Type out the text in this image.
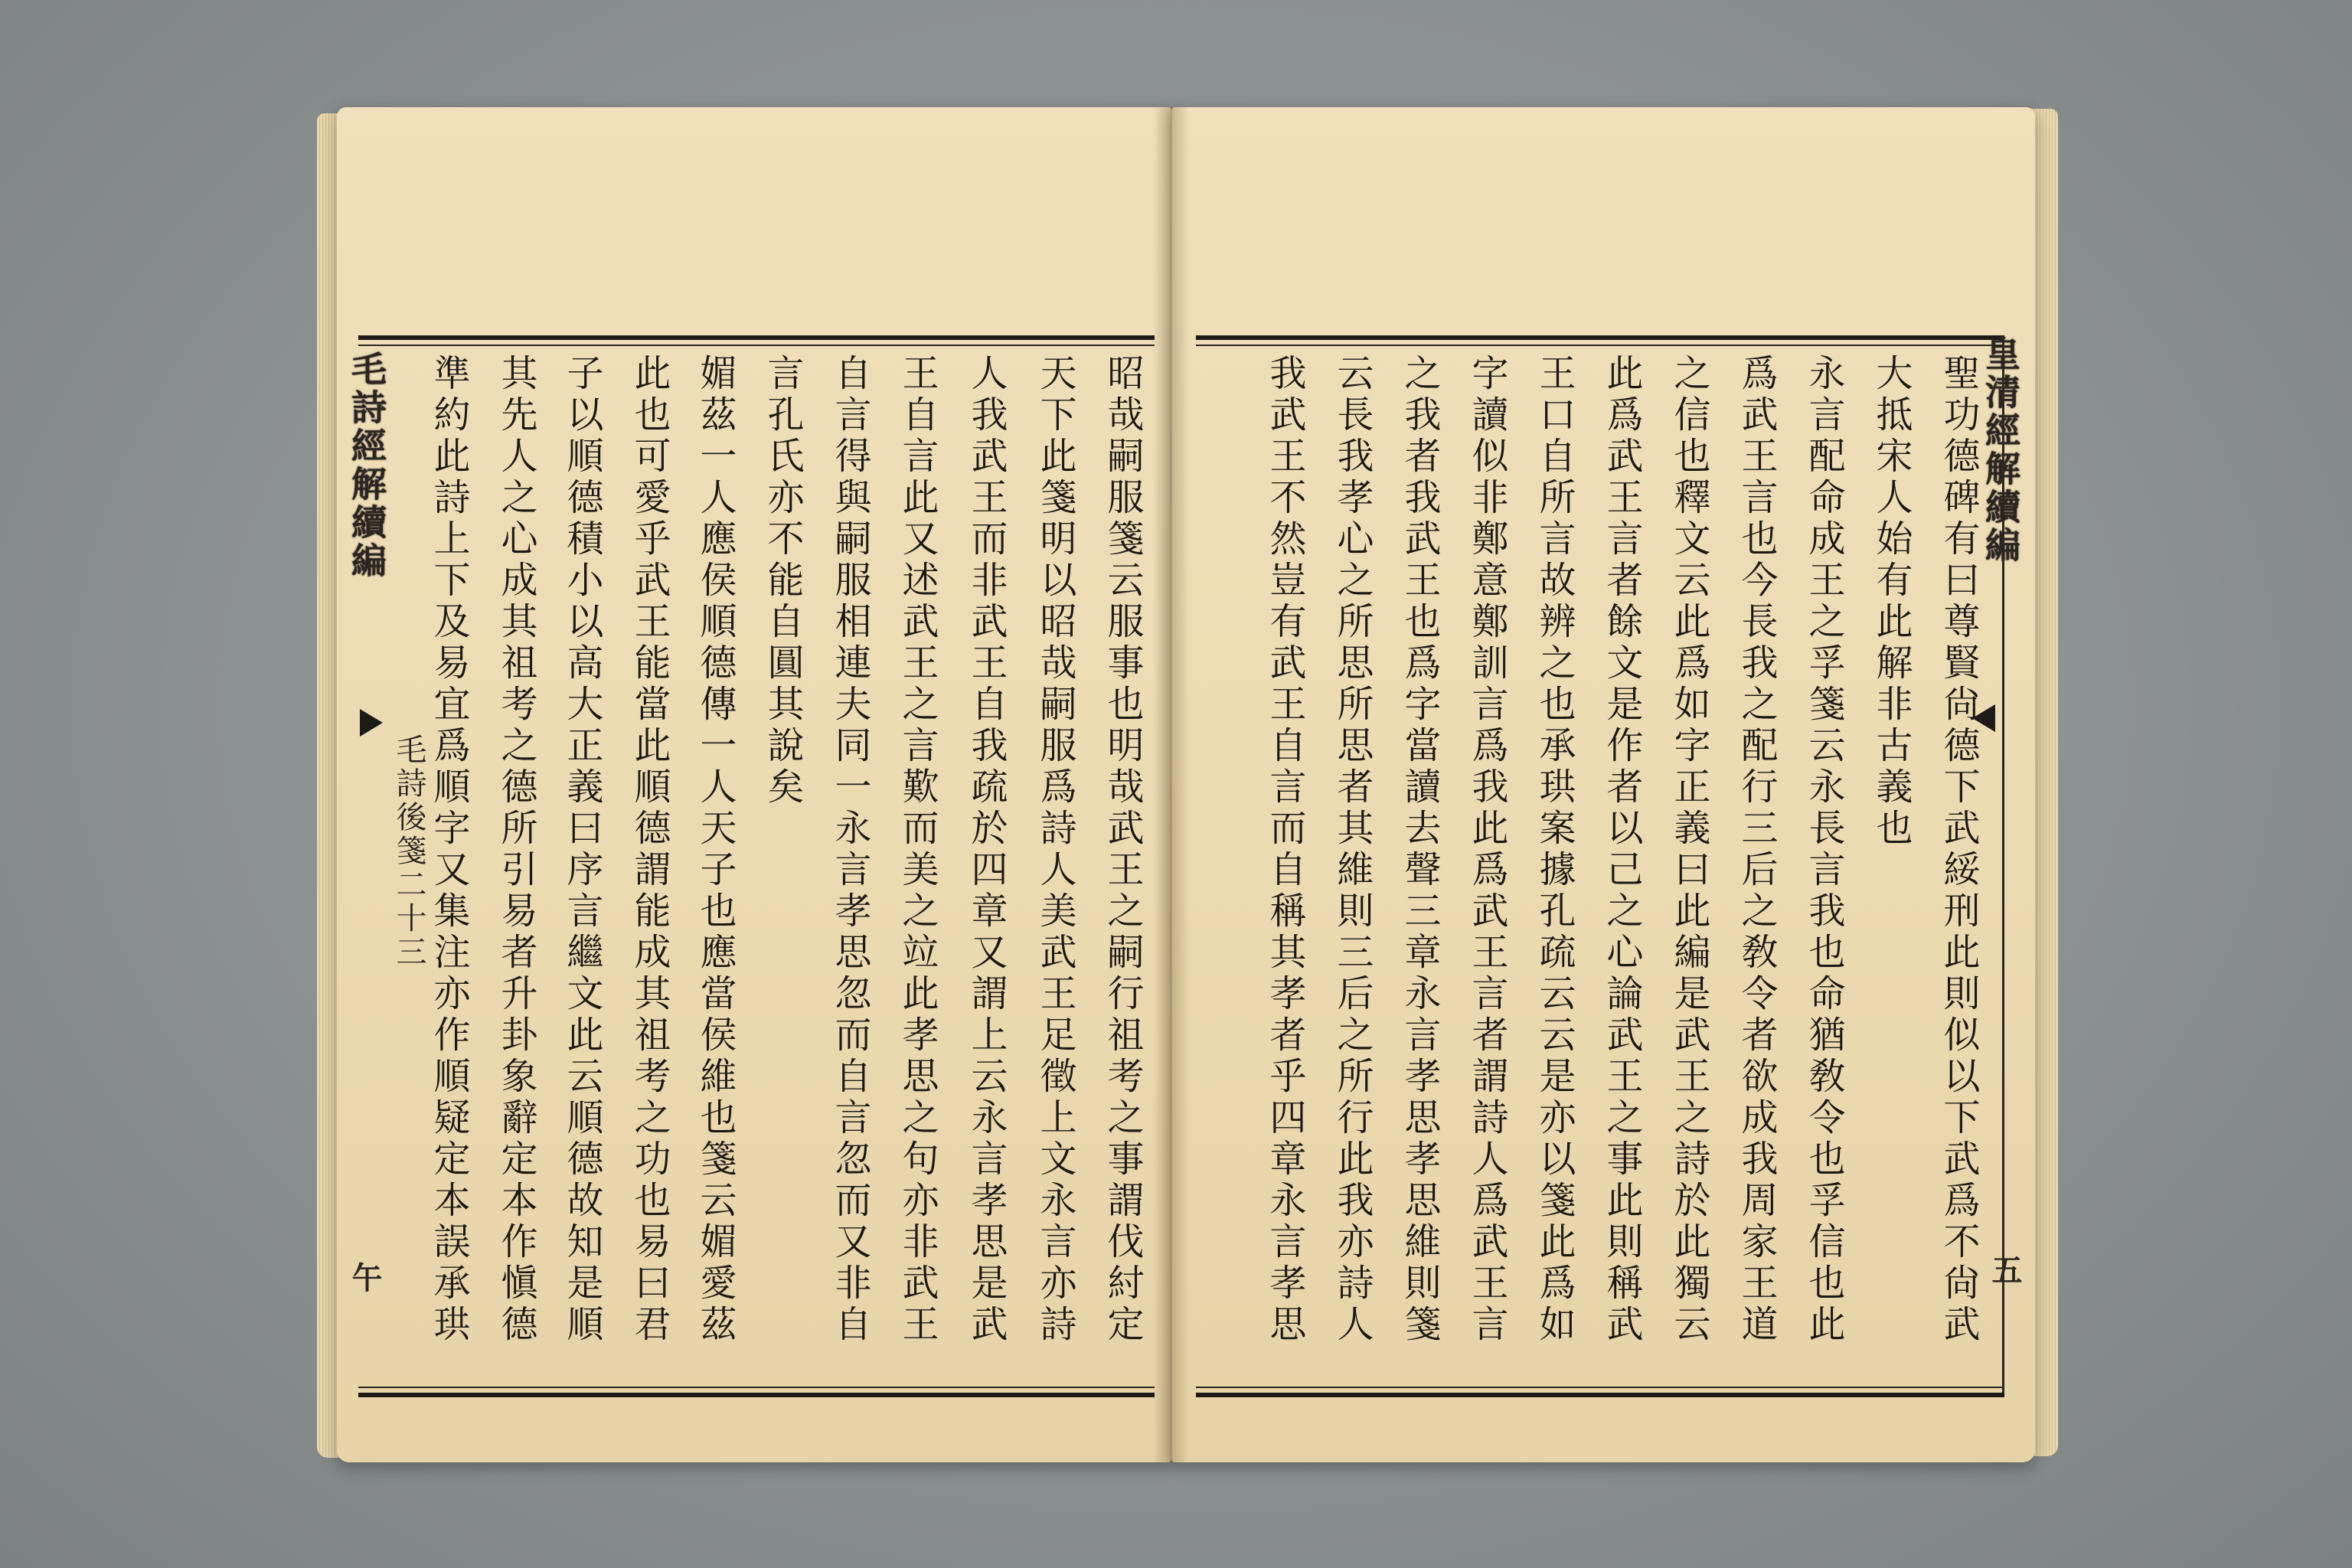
昭哉嗣服箋云服事也明哉武王之嗣行祖考之事謂伐紂定
天下此箋明以昭哉嗣服爲詩人美武王足徵上文永言亦詩
人我武王而非武王自我疏於四章又謂上云永言孝思是武
王自言此又述武王之言歎而美之竝此孝思之句亦非武王
自言得與嗣服相連夫同一永言孝思忽而自言忽而又非自
言孔氏亦不能自圓其說矣
媚茲一人應侯順德傳一人天子也應當侯維也箋云媚愛茲
此也可愛乎武王能當此順德謂能成其祖考之功也易曰君
子以順德積小以高大正義曰序言繼文此云順德故知是順
其先人之心成其祖考之德所引易者升卦象辭定本作愼德
準約此詩上下及易宜爲順字又集注亦作順疑定本誤承珙	聖功德碑有曰尊賢尙德下武綏刑此則似以下武爲不尙武
大抵宋人始有此解非古義也
永言配命成王之孚箋云永長言我也命猶敎令也孚信也此
爲武王言也今長我之配行三后之敎令者欲成我周家王道
之信也釋文云此爲如字正義曰此編是武王之詩於此獨云
此爲武王言者餘文是作者以己之心論武王之事此則稱武
王口自所言故辨之也承珙案據孔疏云云是亦以箋此爲如
字讀似非鄭意鄭訓言爲我此爲武王言者謂詩人爲武王言
之我者我武王也爲字當讀去聲三章永言孝思孝思維則箋
云長我孝心之所思所思者其維則三后之所行此我亦詩人
我武王不然豈有武王自言而自稱其孝者乎四章永言孝思
毛詩經解續編
毛詩後箋二十三
午
皇清經解續編
五
